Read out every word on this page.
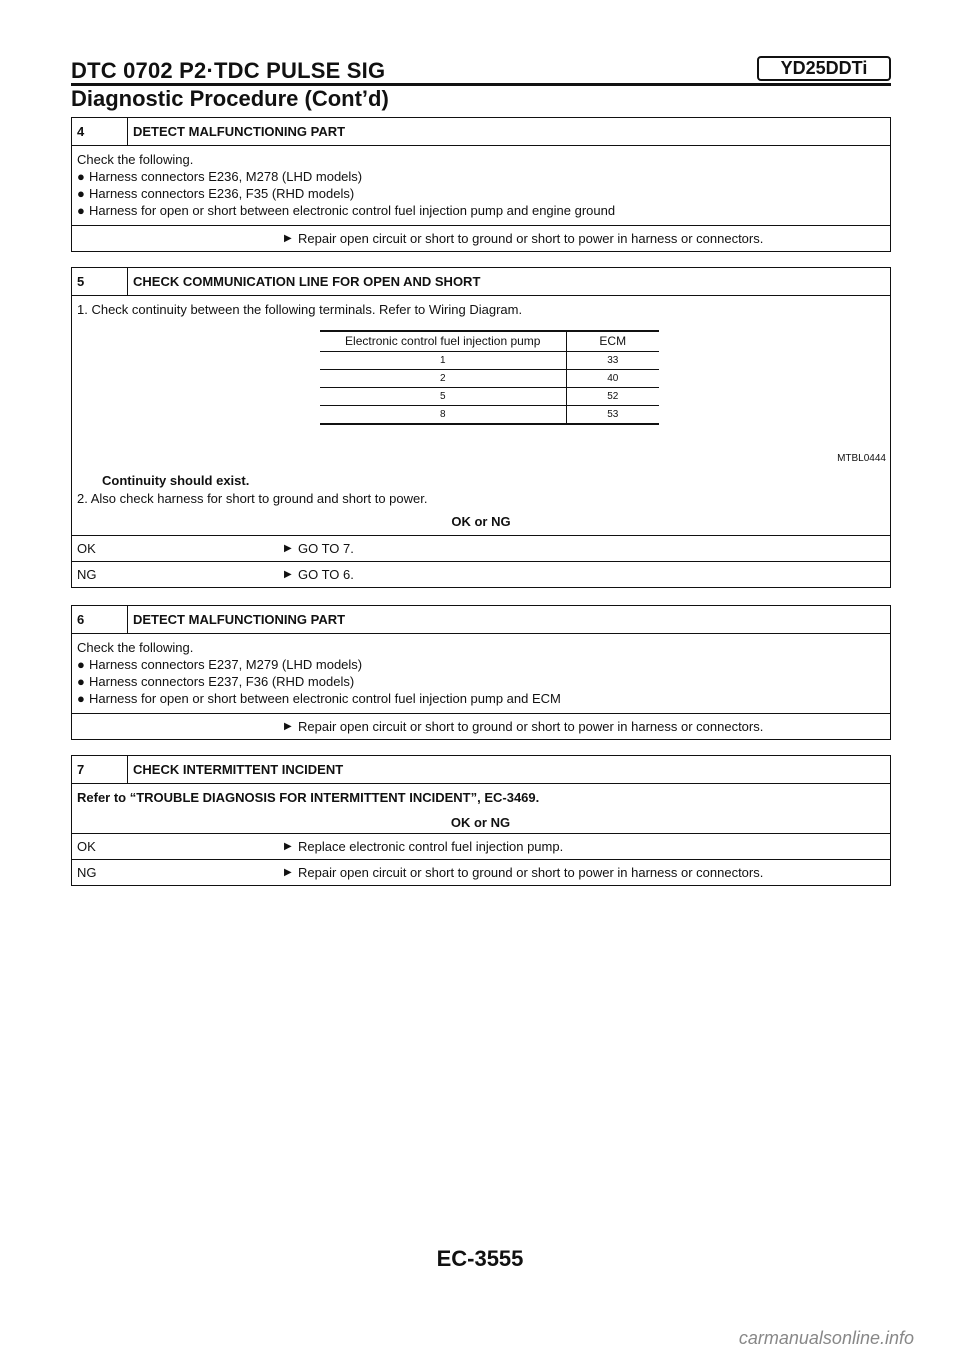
DTC 0702 P2·TDC PULSE SIG	YD25DDTi
Diagnostic Procedure (Cont’d)
4	DETECT MALFUNCTIONING PART
Check the following.
● Harness connectors E236, M278 (LHD models)
● Harness connectors E236, F35 (RHD models)
● Harness for open or short between electronic control fuel injection pump and engine ground
▶ Repair open circuit or short to ground or short to power in harness or connectors.
5	CHECK COMMUNICATION LINE FOR OPEN AND SHORT
1. Check continuity between the following terminals. Refer to Wiring Diagram.
Electronic control fuel injection pump	ECM
1	33
2	40
5	52
8	53
MTBL0444
Continuity should exist.
2. Also check harness for short to ground and short to power.
OK or NG
OK	▶ GO TO 7.
NG	▶ GO TO 6.
6	DETECT MALFUNCTIONING PART
Check the following.
● Harness connectors E237, M279 (LHD models)
● Harness connectors E237, F36 (RHD models)
● Harness for open or short between electronic control fuel injection pump and ECM
▶ Repair open circuit or short to ground or short to power in harness or connectors.
7	CHECK INTERMITTENT INCIDENT
Refer to “TROUBLE DIAGNOSIS FOR INTERMITTENT INCIDENT”, EC-3469.
OK or NG
OK	▶ Replace electronic control fuel injection pump.
NG	▶ Repair open circuit or short to ground or short to power in harness or connectors.
EC-3555
carmanualsonline.info
